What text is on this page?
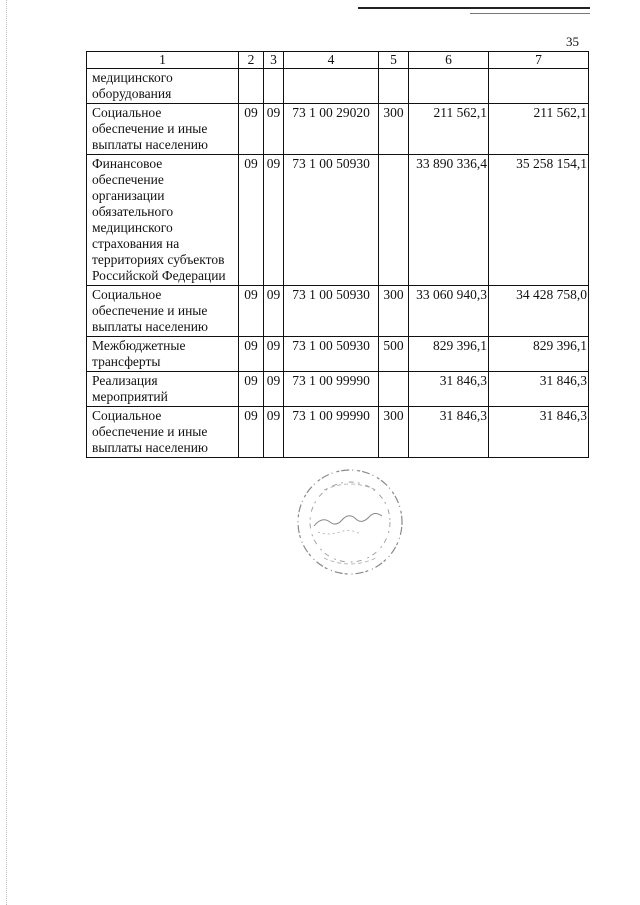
35
1	2	3	4	5	6	7
медицинского оборудования						
Социальное обеспечение и иные выплаты населению	09	09	73 1 00 29020	300	211 562,1	211 562,1
Финансовое обеспечение организации обязательного медицинского страхования на территориях субъектов Российской Федерации	09	09	73 1 00 50930		33 890 336,4	35 258 154,1
Социальное обеспечение и иные выплаты населению	09	09	73 1 00 50930	300	33 060 940,3	34 428 758,0
Межбюджетные трансферты	09	09	73 1 00 50930	500	829 396,1	829 396,1
Реализация мероприятий	09	09	73 1 00 99990		31 846,3	31 846,3
Социальное обеспечение и иные выплаты населению	09	09	73 1 00 99990	300	31 846,3	31 846,3
